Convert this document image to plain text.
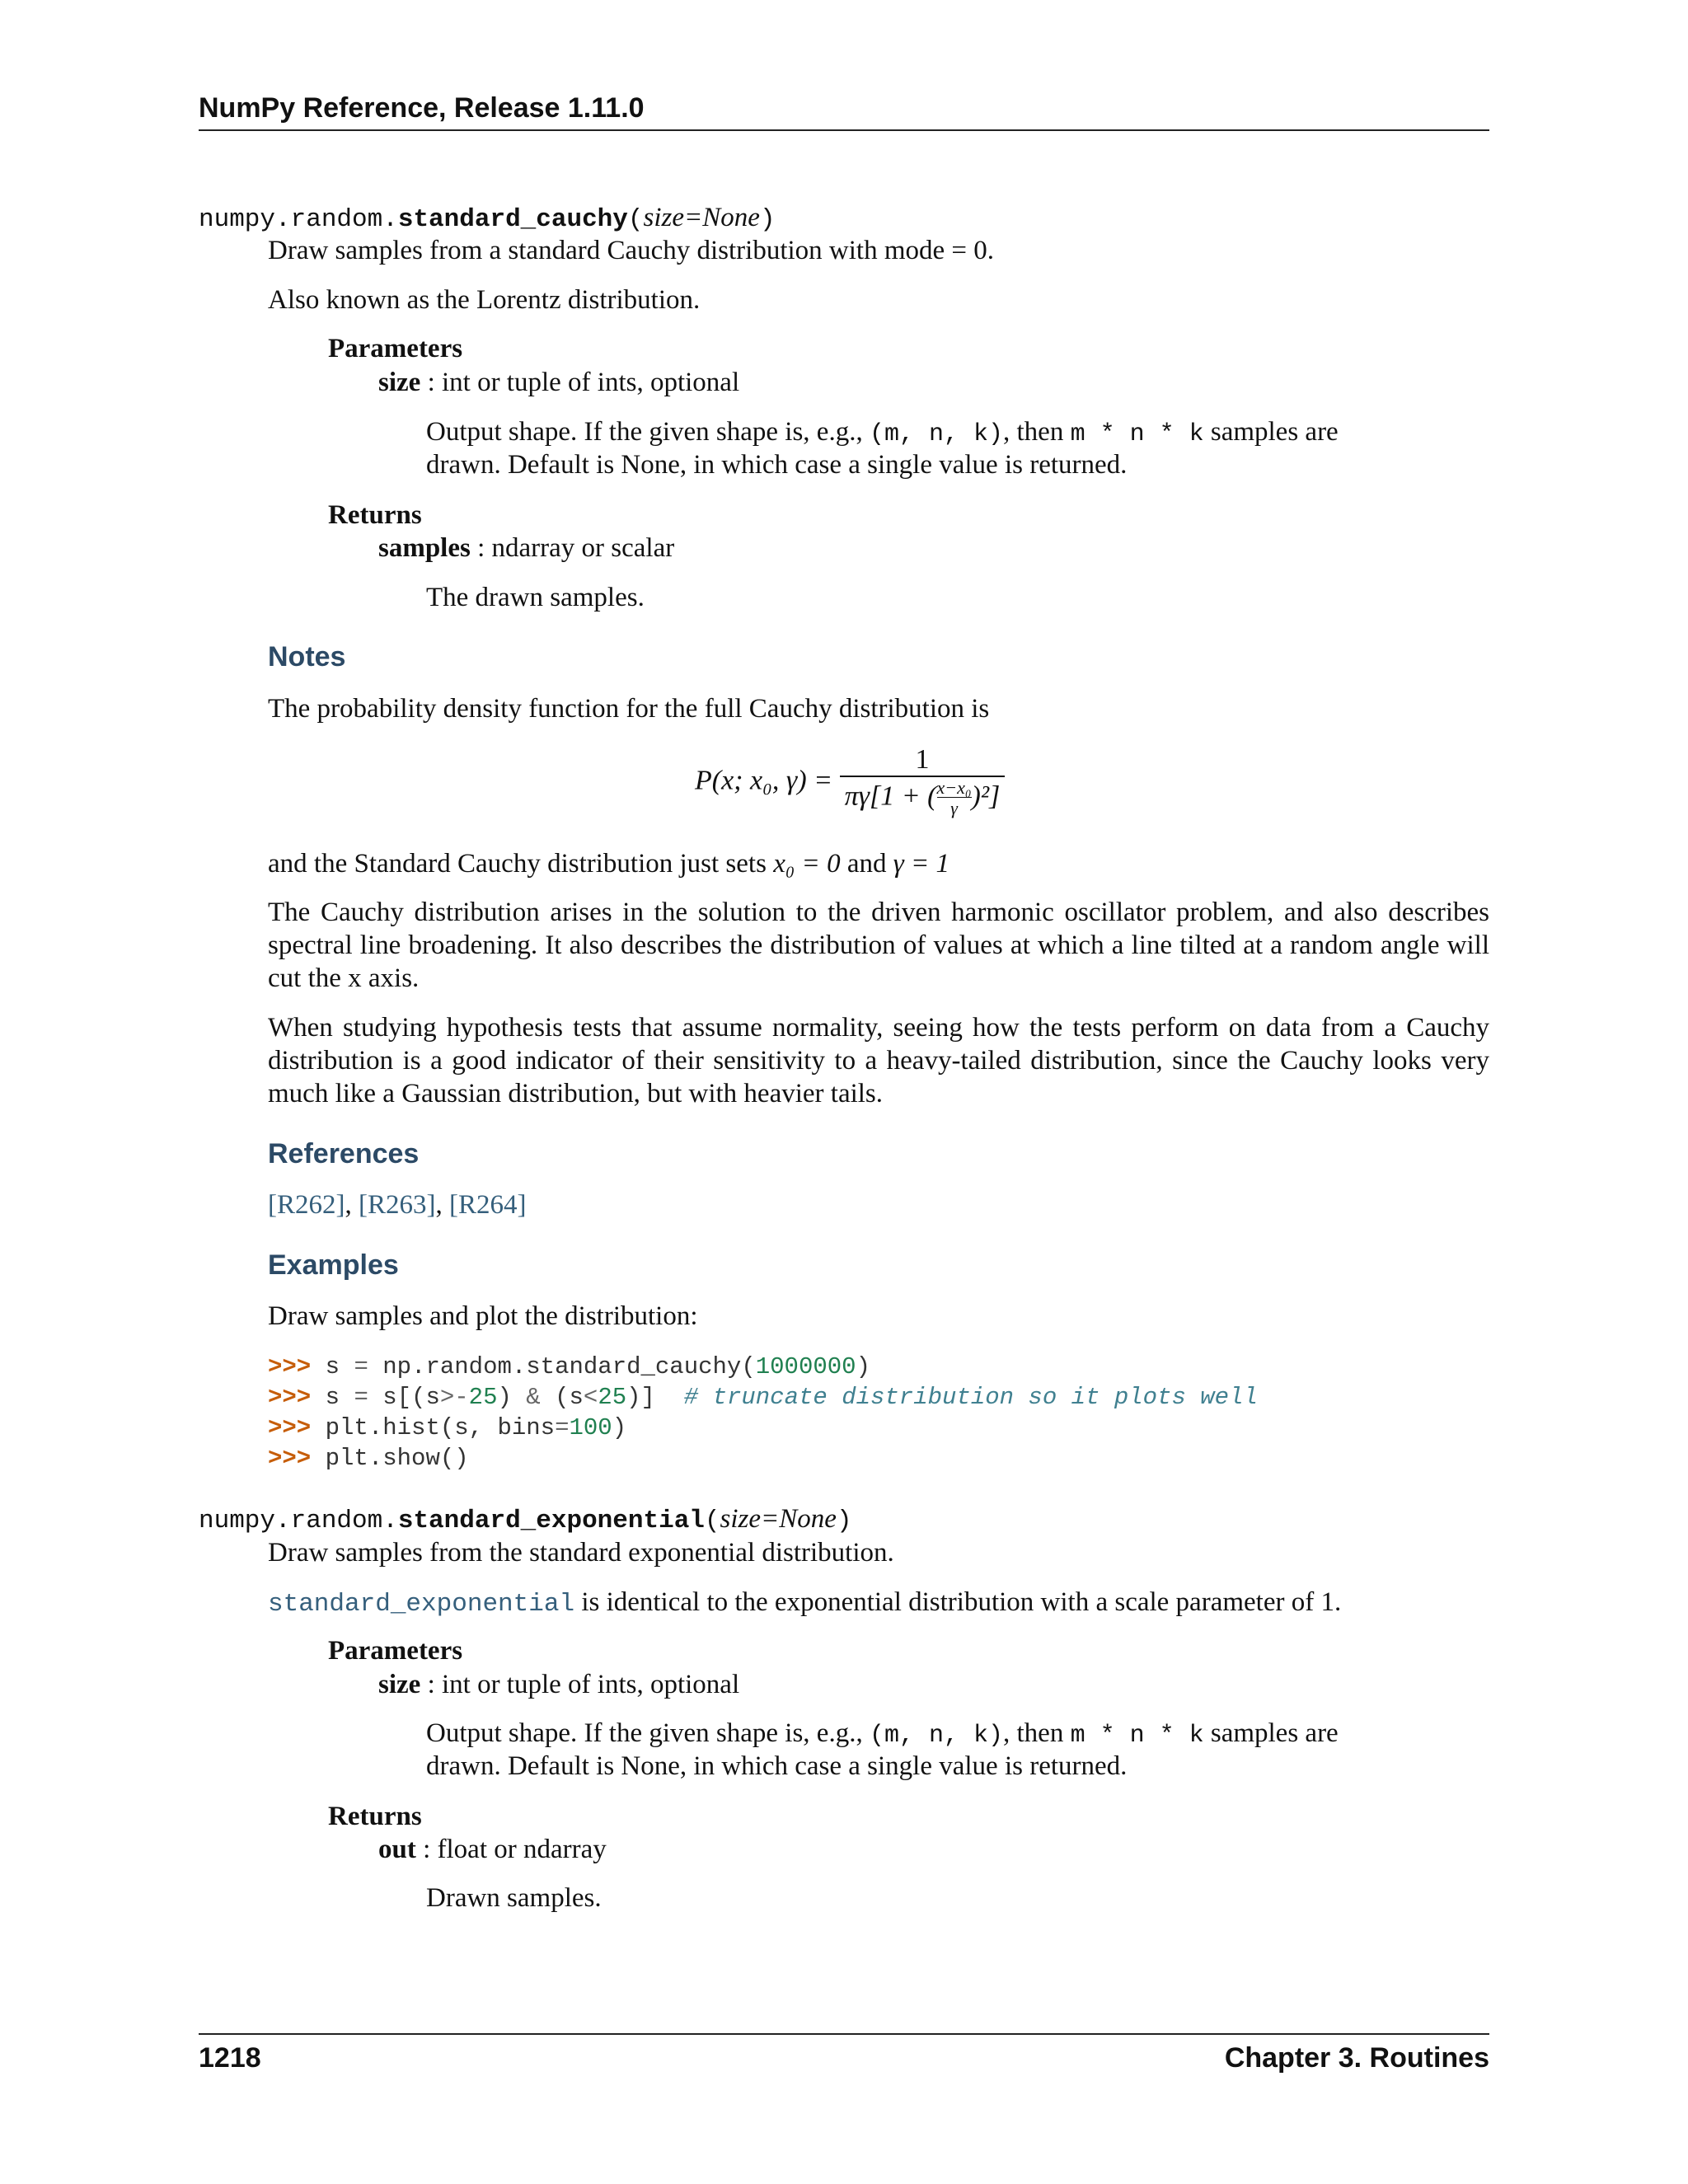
NumPy Reference, Release 1.11.0
numpy.random.standard_cauchy(size=None)
Draw samples from a standard Cauchy distribution with mode = 0.
Also known as the Lorentz distribution.
Parameters
size : int or tuple of ints, optional
Output shape. If the given shape is, e.g., (m, n, k), then m * n * k samples are
drawn. Default is None, in which case a single value is returned.
Returns
samples : ndarray or scalar
The drawn samples.
Notes
The probability density function for the full Cauchy distribution is
P(x; x₀, $\gamma) = \frac{1}{\pi\gamma[1 + ( \frac{\text{x−x₀}}{\gamma} )^2]}$
and the Standard Cauchy distribution just sets x₀ = 0 and γ = 1
The Cauchy distribution arises in the solution to the driven harmonic oscillator problem, and also describes spectral line broadening. It also describes the distribution of values at which a line tilted at a random angle will cut the x axis.
When studying hypothesis tests that assume normality, seeing how the tests perform on data from a Cauchy distribution is a good indicator of their sensitivity to a heavy-tailed distribution, since the Cauchy looks very much like a Gaussian distribution, but with heavier tails.
References
[R262], [R263], [R264]
Examples
Draw samples and plot the distribution:
>>> s = np.random.standard_cauchy(1000000)
>>> s = s[(s>-25) & (s<25)]  # truncate distribution so it plots well
>>> plt.hist(s, bins=100)
>>> plt.show()
numpy.random.standard_exponential(size=None)
Draw samples from the standard exponential distribution.
standard_exponential is identical to the exponential distribution with a scale parameter of 1.
Parameters
size : int or tuple of ints, optional
Output shape. If the given shape is, e.g., (m, n, k), then m * n * k samples are
drawn. Default is None, in which case a single value is returned.
Returns
out : float or ndarray
Drawn samples.
1218	Chapter 3. Routines
